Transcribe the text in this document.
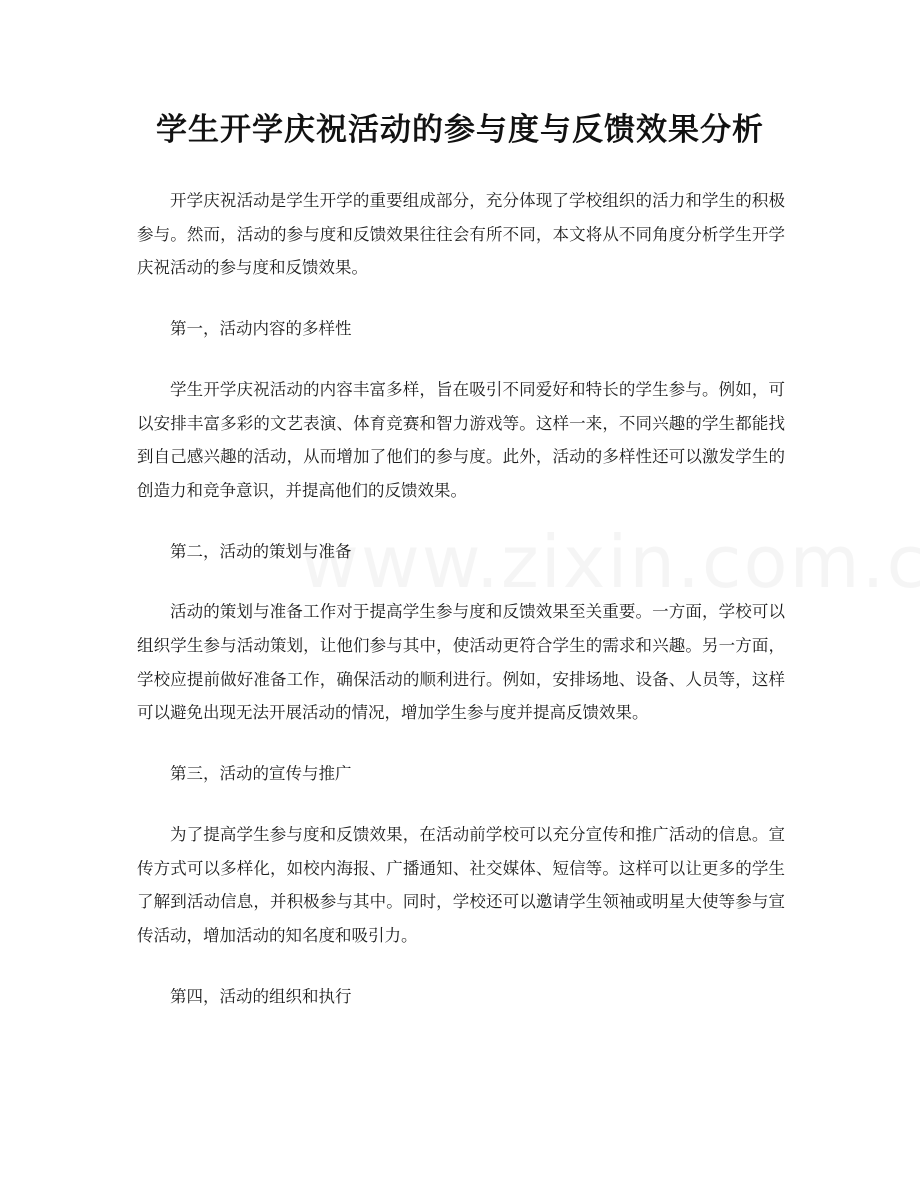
学生开学庆祝活动的参与度与反馈效果分析

开学庆祝活动是学生开学的重要组成部分，充分体现了学校组织的活力和学生的积极参与。然而，活动的参与度和反馈效果往往会有所不同，本文将从不同角度分析学生开学庆祝活动的参与度和反馈效果。

第一，活动内容的多样性

学生开学庆祝活动的内容丰富多样，旨在吸引不同爱好和特长的学生参与。例如，可以安排丰富多彩的文艺表演、体育竞赛和智力游戏等。这样一来，不同兴趣的学生都能找到自己感兴趣的活动，从而增加了他们的参与度。此外，活动的多样性还可以激发学生的创造力和竞争意识，并提高他们的反馈效果。

第二，活动的策划与准备

活动的策划与准备工作对于提高学生参与度和反馈效果至关重要。一方面，学校可以组织学生参与活动策划，让他们参与其中，使活动更符合学生的需求和兴趣。另一方面，学校应提前做好准备工作，确保活动的顺利进行。例如，安排场地、设备、人员等，这样可以避免出现无法开展活动的情况，增加学生参与度并提高反馈效果。

第三，活动的宣传与推广

为了提高学生参与度和反馈效果，在活动前学校可以充分宣传和推广活动的信息。宣传方式可以多样化，如校内海报、广播通知、社交媒体、短信等。这样可以让更多的学生了解到活动信息，并积极参与其中。同时，学校还可以邀请学生领袖或明星大使等参与宣传活动，增加活动的知名度和吸引力。

第四，活动的组织和执行
